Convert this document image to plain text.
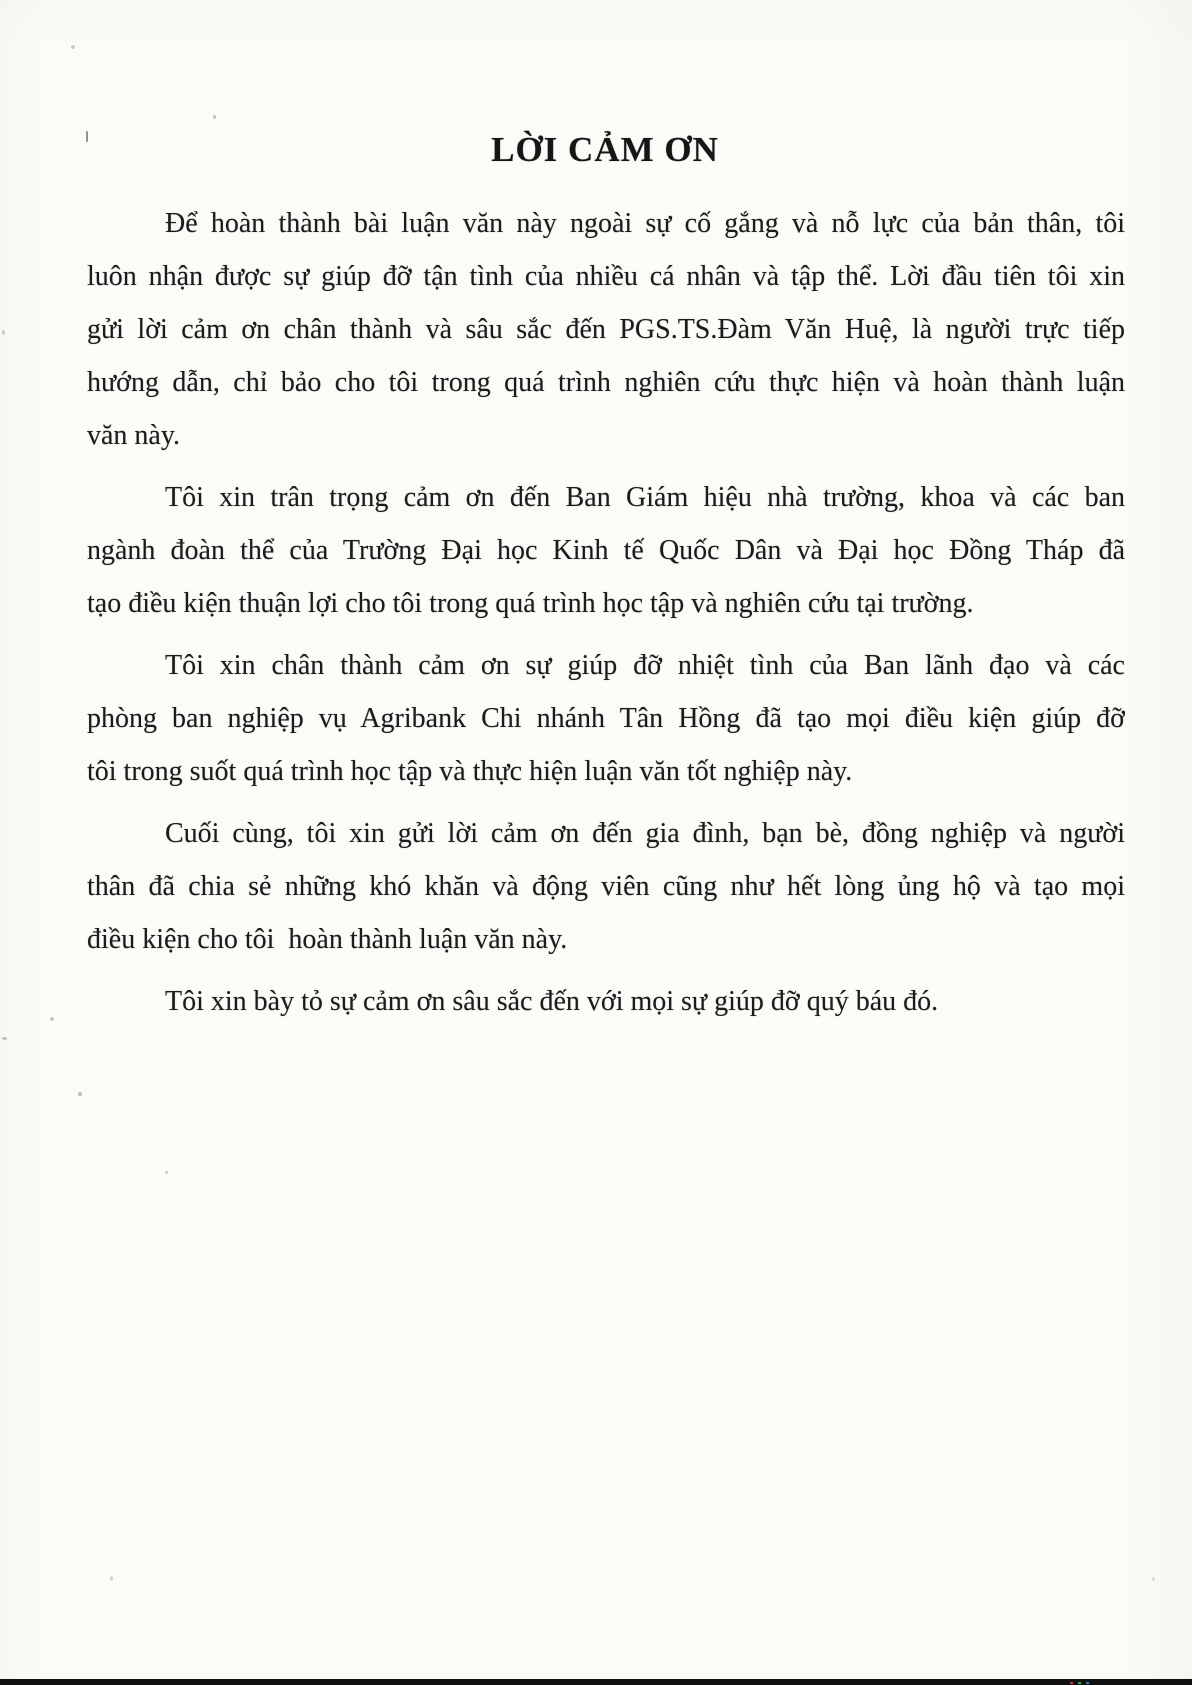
LỜI CẢM ƠN
Để hoàn thành bài luận văn này ngoài sự cố gắng và nỗ lực của bản thân, tôi
luôn nhận được sự giúp đỡ tận tình của nhiều cá nhân và tập thể. Lời đầu tiên tôi xin
gửi lời cảm ơn chân thành và sâu sắc đến PGS.TS.Đàm Văn Huệ, là người trực tiếp
hướng dẫn, chỉ bảo cho tôi trong quá trình nghiên cứu thực hiện và hoàn thành luận
văn này.
Tôi xin trân trọng cảm ơn đến Ban Giám hiệu nhà trường, khoa và các ban
ngành đoàn thể của Trường Đại học Kinh tế Quốc Dân và Đại học Đồng Tháp đã
tạo điều kiện thuận lợi cho tôi trong quá trình học tập và nghiên cứu tại trường.
Tôi xin chân thành cảm ơn sự giúp đỡ nhiệt tình của Ban lãnh đạo và các
phòng ban nghiệp vụ Agribank Chi nhánh Tân Hồng đã tạo mọi điều kiện giúp đỡ
tôi trong suốt quá trình học tập và thực hiện luận văn tốt nghiệp này.
Cuối cùng, tôi xin gửi lời cảm ơn đến gia đình, bạn bè, đồng nghiệp và người
thân đã chia sẻ những khó khăn và động viên cũng như hết lòng ủng hộ và tạo mọi
điều kiện cho tôi  hoàn thành luận văn này.
Tôi xin bày tỏ sự cảm ơn sâu sắc đến với mọi sự giúp đỡ quý báu đó.
